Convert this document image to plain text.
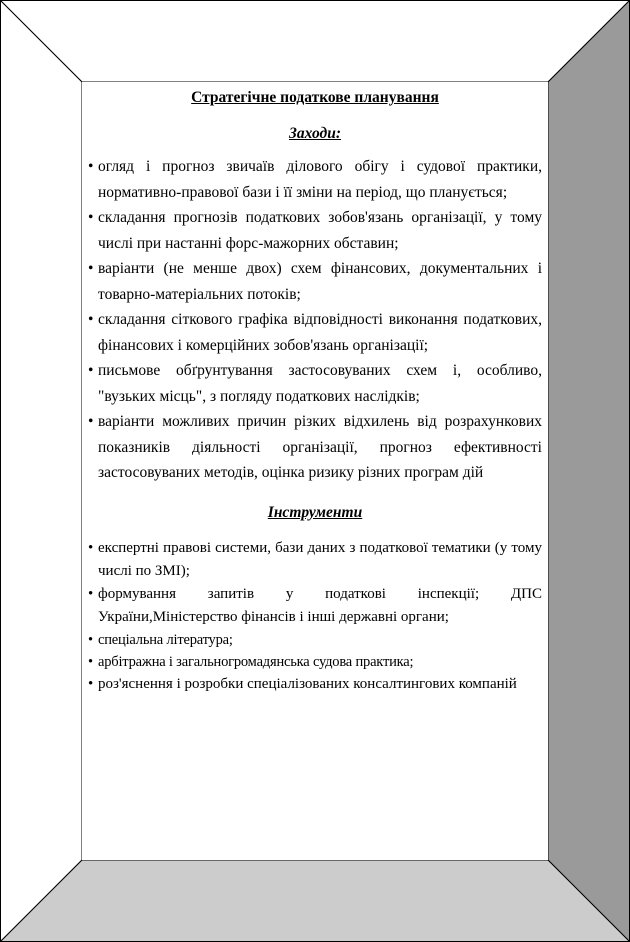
Стратегічне податкове планування

Заходи:

• огляд і прогноз звичаїв ділового обігу і судової практики, нормативно-правової бази і її зміни на період, що планується;
• складання прогнозів податкових зобов'язань організації, у тому числі при настанні форс-мажорних обставин;
• варіанти (не менше двох) схем фінансових, документальних і товарно-матеріальних потоків;
• складання сіткового графіка відповідності виконання податкових, фінансових і комерційних зобов'язань організації;
• письмове обґрунтування застосовуваних схем і, особливо, "вузьких місць", з погляду податкових наслідків;
• варіанти можливих причин різких відхилень від розрахункових показників діяльності організації, прогноз ефективності застосовуваних методів, оцінка ризику різних програм дій

Інструменти

• експертні правові системи, бази даних з податкової тематики (у тому числі по ЗМІ);
• формування запитів у податкові інспекції; ДПС України,Міністерство фінансів і інші державні органи;
• спеціальна література;
• арбітражна і загальногромадянська судова практика;
• роз'яснення і розробки спеціалізованих консалтингових компаній
